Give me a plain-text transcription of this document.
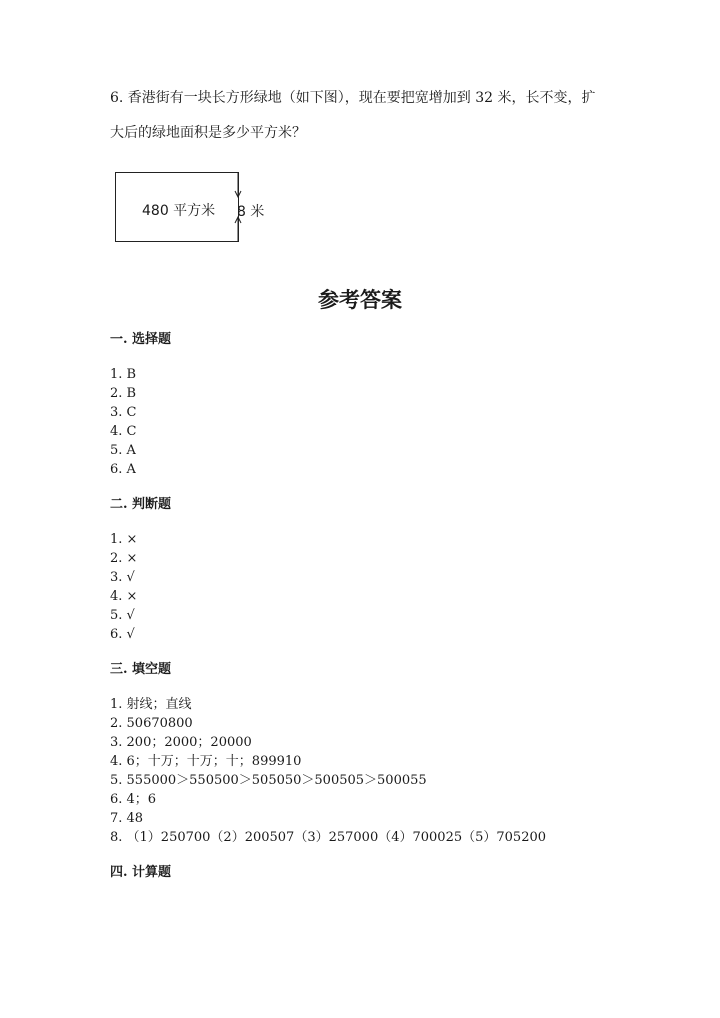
6. 香港街有一块长方形绿地（如下图），现在要把宽增加到 32 米，长不变，扩
大后的绿地面积是多少平方米？
480 平方米 8 米
参考答案
一. 选择题
1. B
2. B
3. C
4. C
5. A
6. A
二. 判断题
1. ×
2. ×
3. √
4. ×
5. √
6. √
三. 填空题
1. 射线；直线
2. 50670800
3. 200；2000；20000
4. 6；十万；十万；十；899910
5. 555000＞550500＞505050＞500505＞500055
6. 4；6
7. 48
8. （1）250700（2）200507（3）257000（4）700025（5）705200
四. 计算题
